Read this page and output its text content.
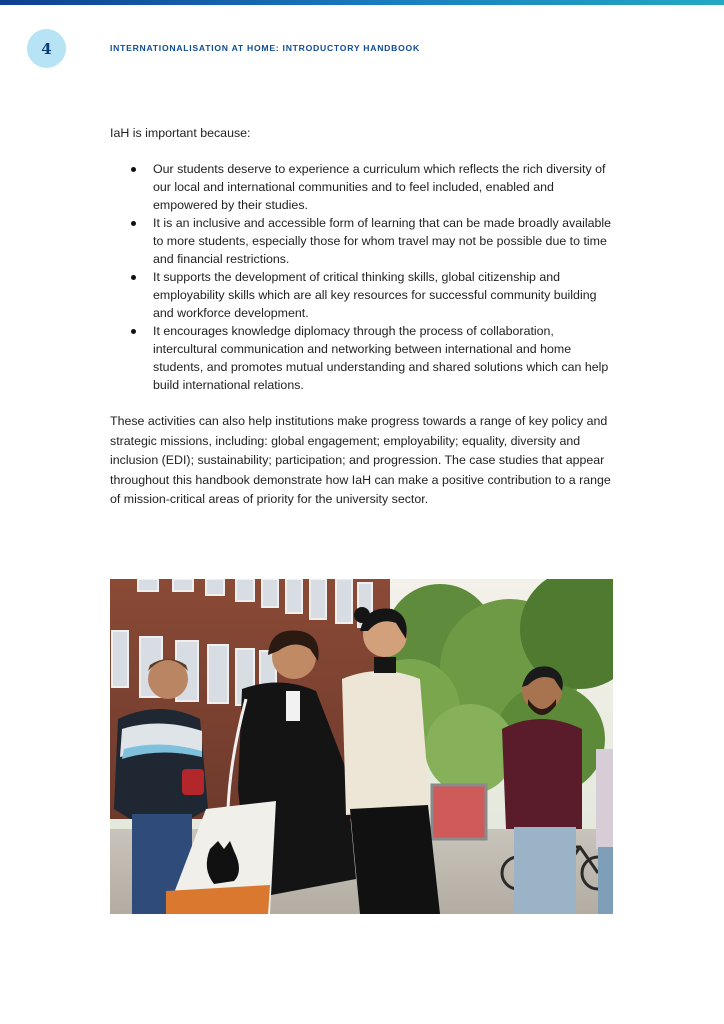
4	INTERNATIONALISATION AT HOME: INTRODUCTORY HANDBOOK

IaH is important because:

Our students deserve to experience a curriculum which reflects the rich diversity of our local and international communities and to feel included, enabled and empowered by their studies.
It is an inclusive and accessible form of learning that can be made broadly available to more students, especially those for whom travel may not be possible due to time and financial restrictions.
It supports the development of critical thinking skills, global citizenship and employability skills which are all key resources for successful community building and workforce development.
It encourages knowledge diplomacy through the process of collaboration, intercultural communication and networking between international and home students, and promotes mutual understanding and shared solutions which can help build international relations.

These activities can also help institutions make progress towards a range of key policy and strategic missions, including: global engagement; employability; equality, diversity and inclusion (EDI); sustainability; participation; and progression. The case studies that appear throughout this handbook demonstrate how IaH can make a positive contribution to a range of mission-critical areas of priority for the university sector.
